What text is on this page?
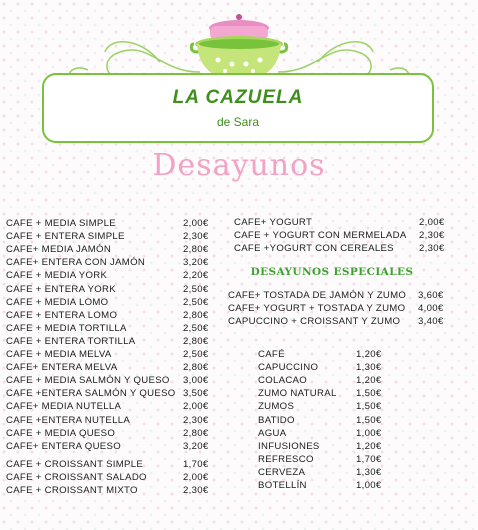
LA CAZUELA
de Sara
Desayunos
CAFE + MEDIA SIMPLE	2,00€
CAFE + ENTERA SIMPLE	2,30€
CAFE+ MEDIA JAMÓN	2,80€
CAFE+ ENTERA CON JAMÓN	3,20€
CAFE + MEDIA YORK	2,20€
CAFE + ENTERA YORK	2,50€
CAFE + MEDIA LOMO	2,50€
CAFE + ENTERA LOMO	2,80€
CAFE + MEDIA TORTILLA	2,50€
CAFE + ENTERA TORTILLA	2,80€
CAFE + MEDIA MELVA	2,50€
CAFE+ ENTERA MELVA	2,80€
CAFE + MEDIA SALMÓN Y QUESO 3,00€
CAFE +ENTERA SALMÓN Y QUESO 3,50€
CAFE+ MEDIA NUTELLA	2,00€
CAFE +ENTERA NUTELLA	2,30€
CAFE + MEDIA QUESO	2,80€
CAFE+ ENTERA QUESO	3,20€
CAFE + CROISSANT SIMPLE	1,70€
CAFE + CROISSANT SALADO	2,00€
CAFE + CROISSANT MIXTO	2,30€
CAFE+ YOGURT	2,00€
CAFE + YOGURT CON MERMELADA 2,30€
CAFE +YOGURT CON CEREALES	2,30€
DESAYUNOS ESPECIALES
CAFE+ TOSTADA DE JAMÓN Y ZUMO 3,60€
CAFE+ YOGURT + TOSTADA Y ZUMO 4,00€
CAPUCCINO + CROISSANT Y ZUMO 3,40€
CAFÉ	1,20€
CAPUCCINO	1,30€
COLACAO	1,20€
ZUMO NATURAL 1,50€
ZUMOS	1,50€
BATIDO	1,50€
AGUA	1,00€
INFUSIONES	1,20€
REFRESCO	1,70€
CERVEZA	1,30€
BOTELLÍN	1,00€
